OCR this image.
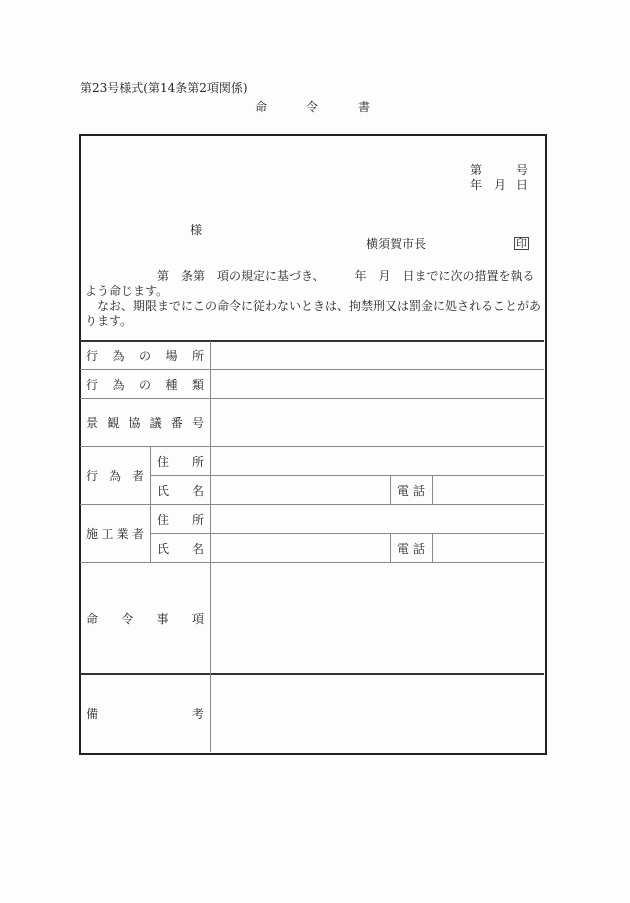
第23号様式(第14条第2項関係)
命	令	書
第	号
年 月 日
様
横須賀市長	印
第　条第　項の規定に基づき、　　　年　月　日までに次の措置を執るよう命じます。
なお、期限までにこの命令に従わないときは、拘禁刑又は罰金に処されることがあります。
行 為 の 場 所
行 為 の 種 類
景 観 協 議 番 号
行 為 者
住 所
氏 名	電 話
施 工 業 者
住 所
氏 名	電 話
命 令 事 項
備	考
